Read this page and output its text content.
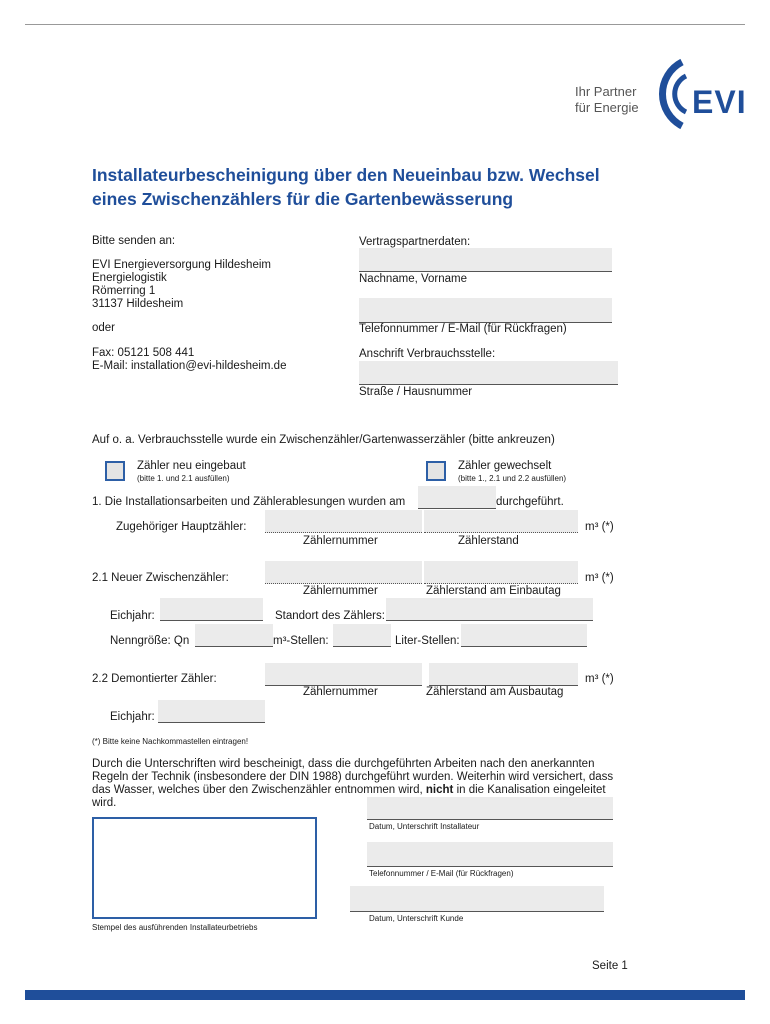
Ihr Partner
für Energie EVI
Installateurbescheinigung über den Neueinbau bzw. Wechsel
eines Zwischenzählers für die Gartenbewässerung
Bitte senden an:
EVI Energieversorgung Hildesheim
Energielogistik
Römerring 1
31137 Hildesheim
oder
Fax: 05121 508 441
E-Mail: installation@evi-hildesheim.de
Vertragspartnerdaten:
Nachname, Vorname
Telefonnummer / E-Mail (für Rückfragen)
Anschrift Verbrauchsstelle:
Straße / Hausnummer
Auf o. a. Verbrauchsstelle wurde ein Zwischenzähler/Gartenwasserzähler (bitte ankreuzen)
Zähler neu eingebaut
(bitte 1. und 2.1 ausfüllen)
Zähler gewechselt
(bitte 1., 2.1 und 2.2 ausfüllen)
1. Die Installationsarbeiten und Zählerablesungen wurden am	durchgeführt.
Zugehöriger Hauptzähler:	m³ (*)
Zählernummer	Zählerstand
2.1 Neuer Zwischenzähler:	m³ (*)
Zählernummer	Zählerstand am Einbautag
Eichjahr:	Standort des Zählers:
Nenngröße: Qn	m³-Stellen:	Liter-Stellen:
2.2 Demontierter Zähler:	m³ (*)
Zählernummer	Zählerstand am Ausbautag
Eichjahr:
(*) Bitte keine Nachkommastellen eintragen!
Durch die Unterschriften wird bescheinigt, dass die durchgeführten Arbeiten nach den anerkannten
Regeln der Technik (insbesondere der DIN 1988) durchgeführt wurden. Weiterhin wird versichert, dass
das Wasser, welches über den Zwischenzähler entnommen wird, nicht in die Kanalisation eingeleitet
wird.
Stempel des ausführenden Installateurbetriebs
Datum, Unterschrift Installateur
Telefonnummer / E-Mail (für Rückfragen)
Datum, Unterschrift Kunde
Seite 1
